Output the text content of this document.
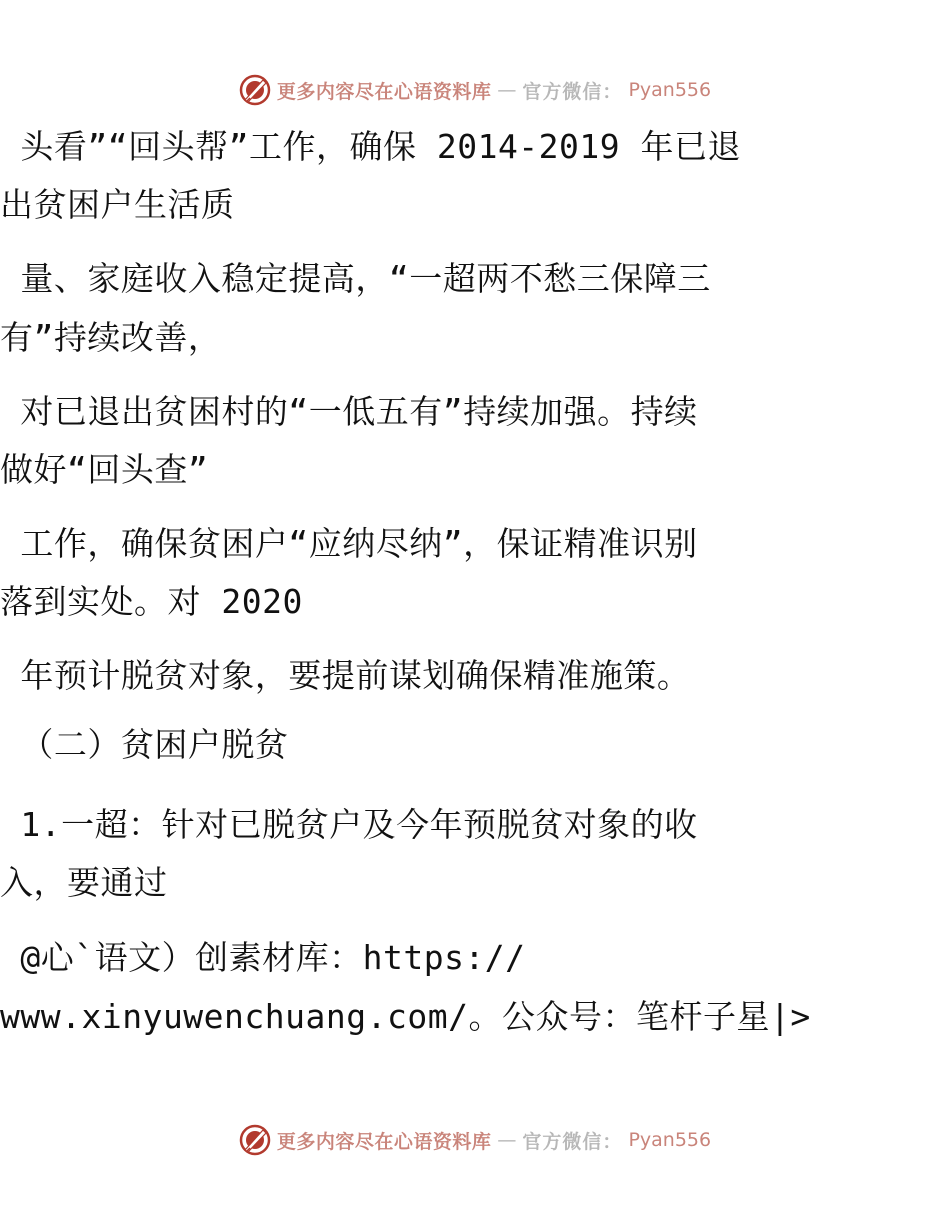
更多内容尽在心语资料库 — 官方微信： Pyan556
头看”“回头帮”工作，确保 2014-2019 年已退
出贫困户生活质
量、家庭收入稳定提高，“一超两不愁三保障三
有”持续改善，
对已退出贫困村的“一低五有”持续加强。持续
做好“回头查”
工作，确保贫困户“应纳尽纳”，保证精准识别
落到实处。对 2020
年预计脱贫对象，要提前谋划确保精准施策。
（二）贫困户脱贫
1.一超：针对已脱贫户及今年预脱贫对象的收
入，要通过
@心`语文）创素材库：https://
www.xinyuwenchuang.com/。公众号：笔杆子星|>
更多内容尽在心语资料库 — 官方微信： Pyan556
